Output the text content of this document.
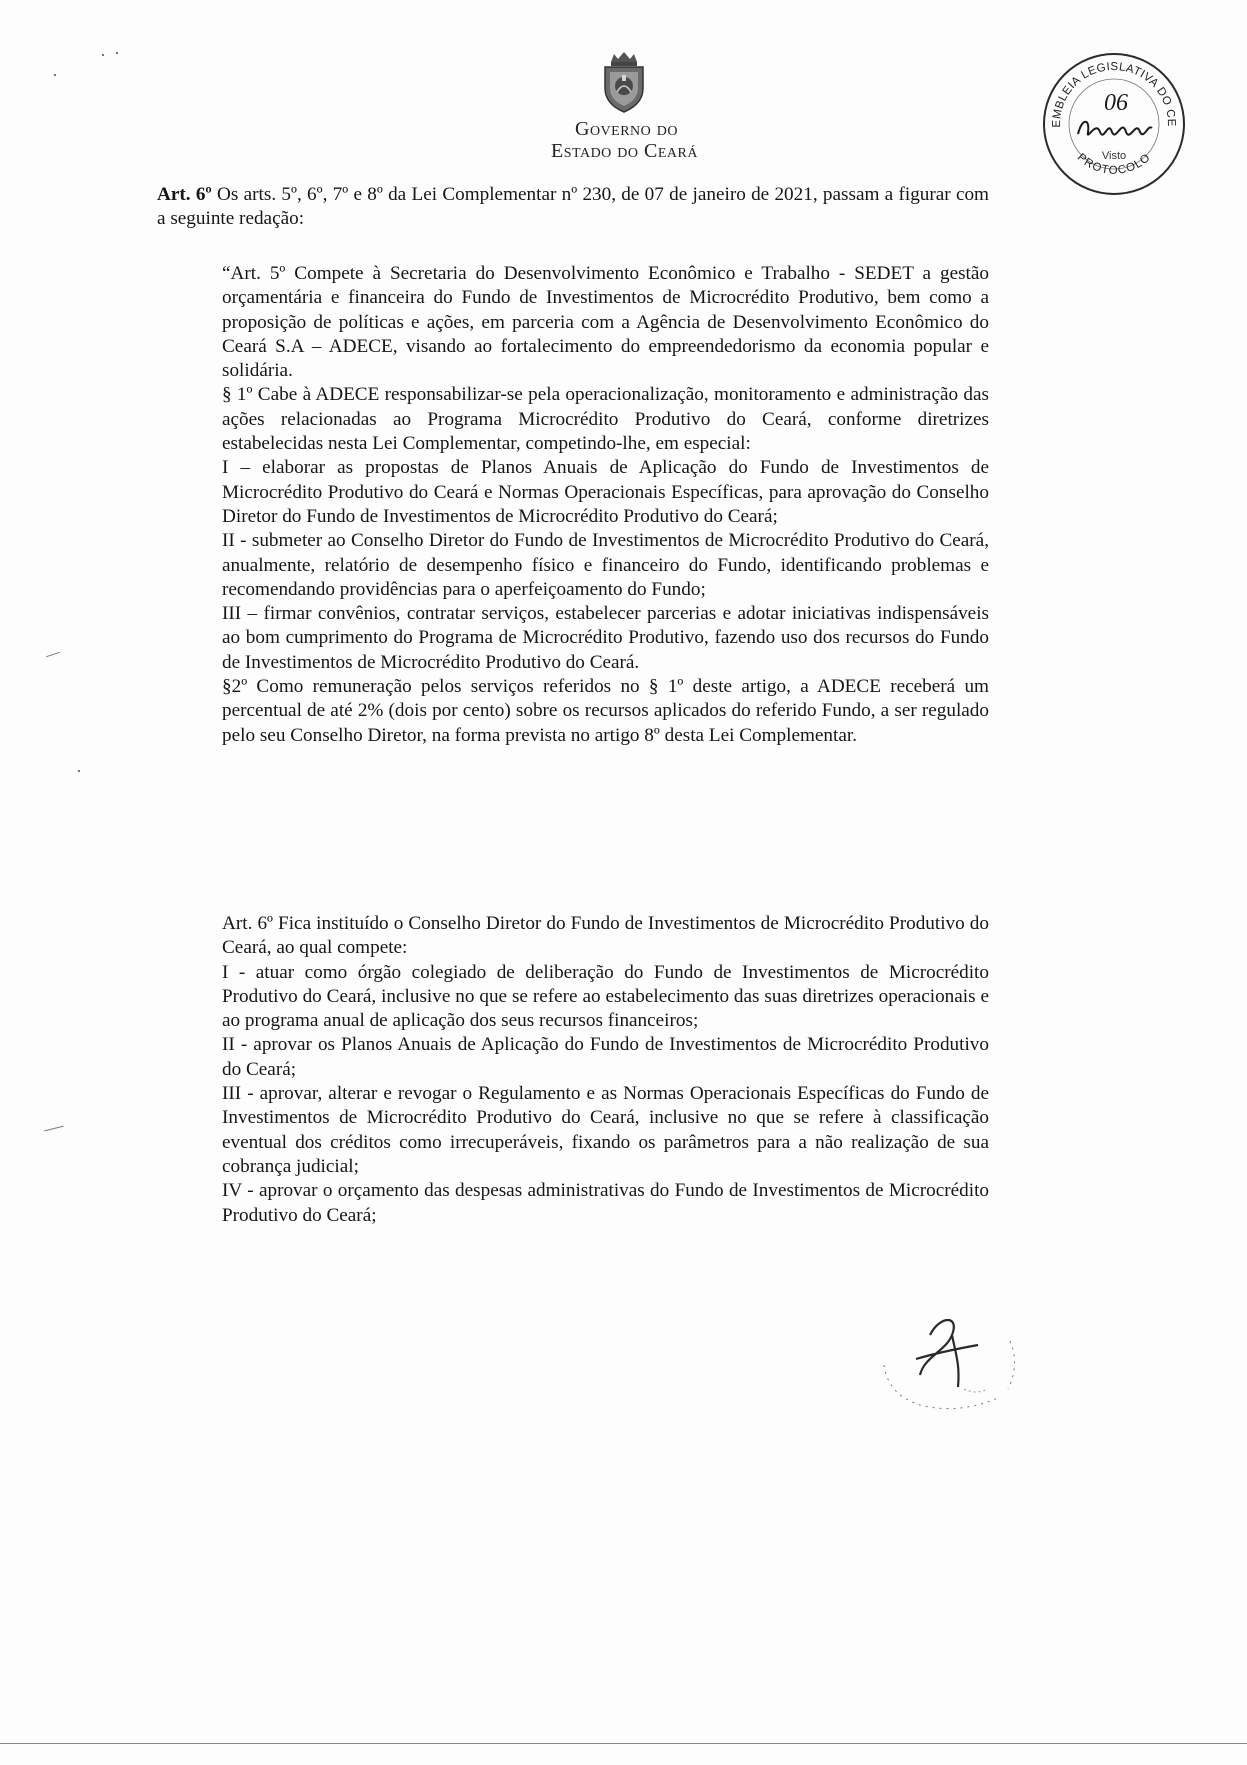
Governo do
Estado do Ceará
EMBLEIA LEGISLATIVA DO CE
PROTOCOLO
06
Visto
Art. 6º Os arts. 5º, 6º, 7º e 8º da Lei Complementar nº 230, de 07 de janeiro de 2021, passam a figurar com a seguinte redação:

“Art. 5º Compete à Secretaria do Desenvolvimento Econômico e Trabalho - SEDET a gestão orçamentária e financeira do Fundo de Investimentos de Microcrédito Produtivo, bem como a proposição de políticas e ações, em parceria com a Agência de Desenvolvimento Econômico do Ceará S.A – ADECE, visando ao fortalecimento do empreendedorismo da economia popular e solidária.

§ 1º Cabe à ADECE responsabilizar-se pela operacionalização, monitoramento e administração das ações relacionadas ao Programa Microcrédito Produtivo do Ceará, conforme diretrizes estabelecidas nesta Lei Complementar, competindo-lhe, em especial:

I – elaborar as propostas de Planos Anuais de Aplicação do Fundo de Investimentos de Microcrédito Produtivo do Ceará e Normas Operacionais Específicas, para aprovação do Conselho Diretor do Fundo de Investimentos de Microcrédito Produtivo do Ceará;

II - submeter ao Conselho Diretor do Fundo de Investimentos de Microcrédito Produtivo do Ceará, anualmente, relatório de desempenho físico e financeiro do Fundo, identificando problemas e recomendando providências para o aperfeiçoamento do Fundo;

III – firmar convênios, contratar serviços, estabelecer parcerias e adotar iniciativas indispensáveis ao bom cumprimento do Programa de Microcrédito Produtivo, fazendo uso dos recursos do Fundo de Investimentos de Microcrédito Produtivo do Ceará.

§2º Como remuneração pelos serviços referidos no § 1º deste artigo, a ADECE receberá um percentual de até 2% (dois por cento) sobre os recursos aplicados do referido Fundo, a ser regulado pelo seu Conselho Diretor, na forma prevista no artigo 8º desta Lei Complementar.

Art. 6º Fica instituído o Conselho Diretor do Fundo de Investimentos de Microcrédito Produtivo do Ceará, ao qual compete:

I - atuar como órgão colegiado de deliberação do Fundo de Investimentos de Microcrédito Produtivo do Ceará, inclusive no que se refere ao estabelecimento das suas diretrizes operacionais e ao programa anual de aplicação dos seus recursos financeiros;

II - aprovar os Planos Anuais de Aplicação do Fundo de Investimentos de Microcrédito Produtivo do Ceará;

III - aprovar, alterar e revogar o Regulamento e as Normas Operacionais Específicas do Fundo de Investimentos de Microcrédito Produtivo do Ceará, inclusive no que se refere à classificação eventual dos créditos como irrecuperáveis, fixando os parâmetros para a não realização de sua cobrança judicial;

IV - aprovar o orçamento das despesas administrativas do Fundo de Investimentos de Microcrédito Produtivo do Ceará;
